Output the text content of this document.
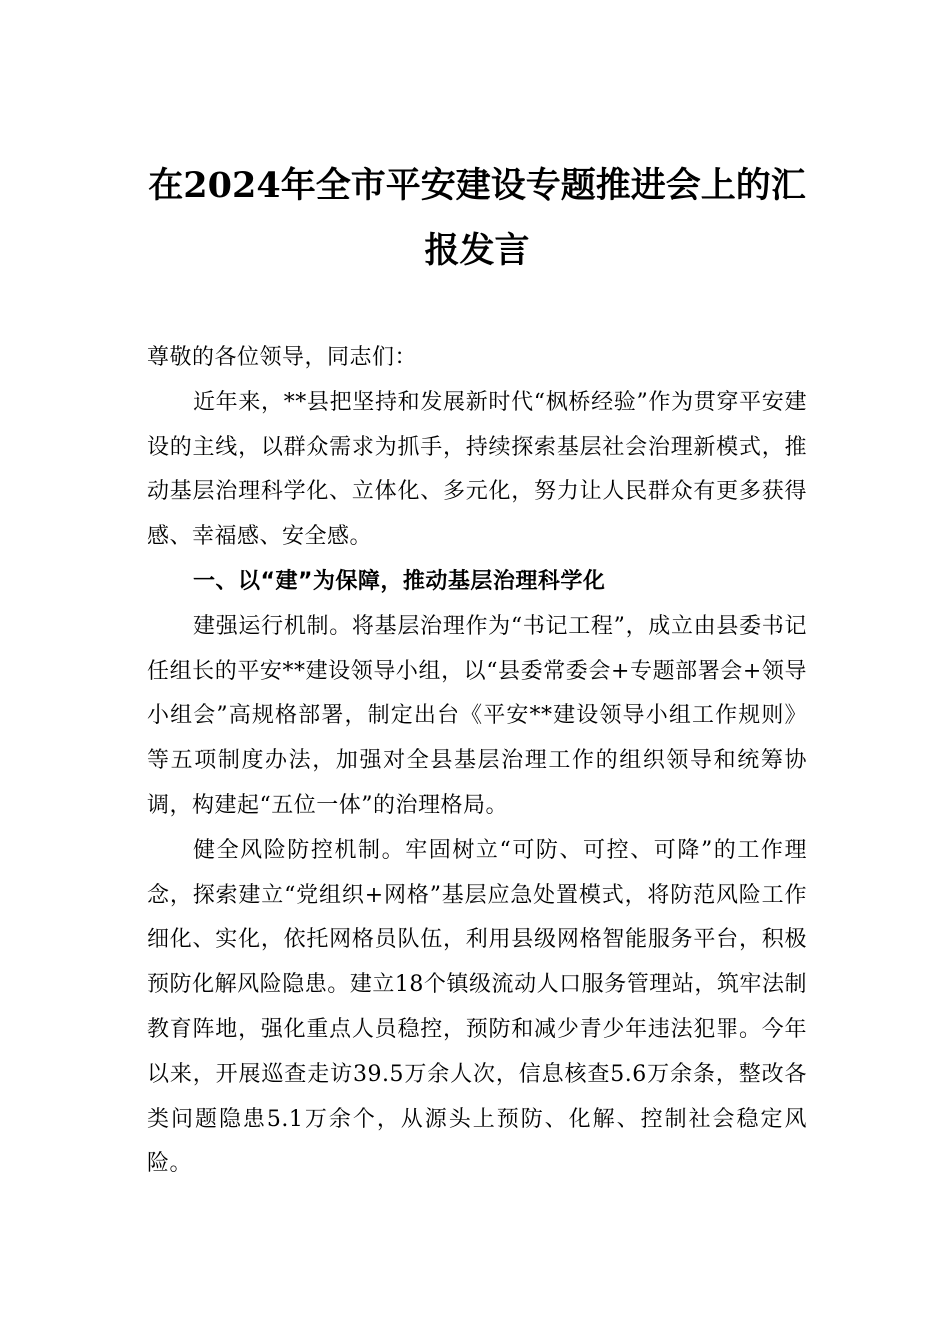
在2024年全市平安建设专题推进会上的汇
报发言

尊敬的各位领导，同志们：

近年来，**县把坚持和发展新时代“枫桥经验”作为贯穿平安建设的主线，以群众需求为抓手，持续探索基层社会治理新模式，推动基层治理科学化、立体化、多元化，努力让人民群众有更多获得感、幸福感、安全感。

一、以“建”为保障，推动基层治理科学化

建强运行机制。将基层治理作为“书记工程”，成立由县委书记任组长的平安**建设领导小组，以“县委常委会+专题部署会+领导小组会”高规格部署，制定出台《平安**建设领导小组工作规则》等五项制度办法，加强对全县基层治理工作的组织领导和统筹协调，构建起“五位一体”的治理格局。

健全风险防控机制。牢固树立“可防、可控、可降”的工作理念，探索建立“党组织+网格”基层应急处置模式，将防范风险工作细化、实化，依托网格员队伍，利用县级网格智能服务平台，积极预防化解风险隐患。建立18个镇级流动人口服务管理站，筑牢法制教育阵地，强化重点人员稳控，预防和减少青少年违法犯罪。今年以来，开展巡查走访39.5万余人次，信息核查5.6万余条，整改各类问题隐患5.1万余个，从源头上预防、化解、控制社会稳定风险。
